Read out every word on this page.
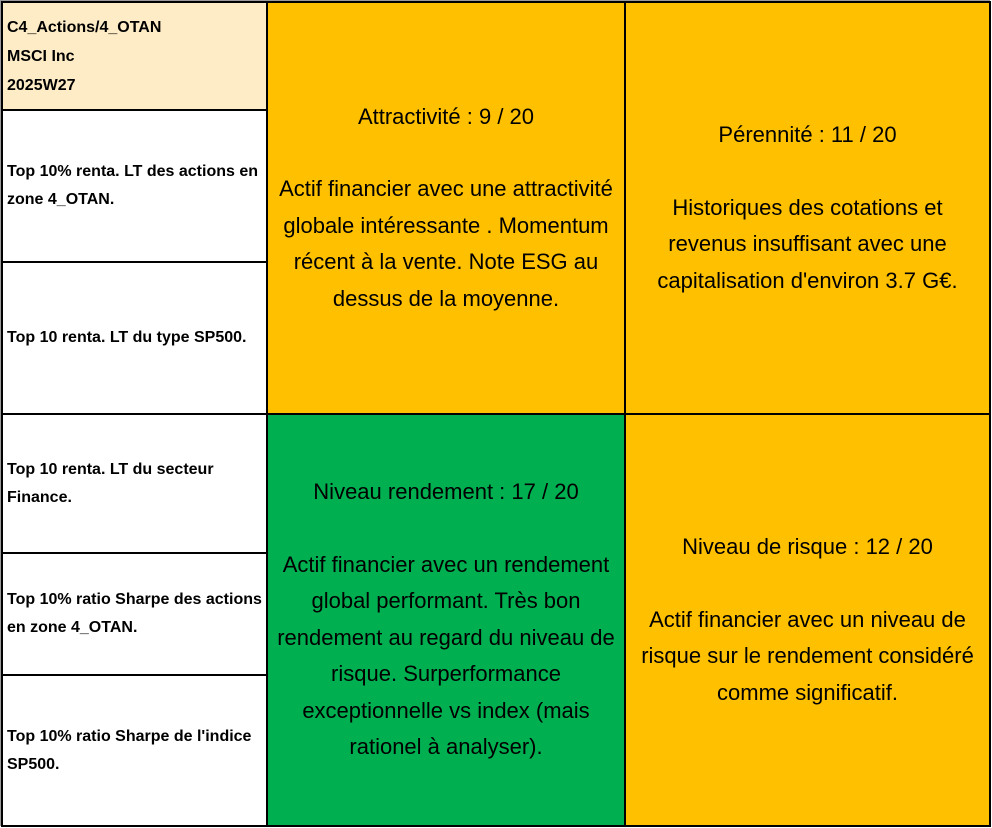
C4_Actions/4_OTAN
MSCI Inc
2025W27
Top 10% renta. LT des actions en zone 4_OTAN.
Top 10 renta. LT du type SP500.
Top 10 renta. LT du secteur Finance.
Top 10% ratio Sharpe des actions en zone 4_OTAN.
Top 10% ratio Sharpe de l'indice SP500.
Attractivité : 9 / 20
Actif financier avec une attractivité globale intéressante . Momentum récent à la vente. Note ESG au dessus de la moyenne.
Pérennité : 11 / 20
Historiques des cotations et revenus insuffisant avec une capitalisation d'environ 3.7 G€.
Niveau rendement : 17 / 20
Actif financier avec un rendement global performant. Très bon rendement au regard du niveau de risque. Surperformance exceptionnelle vs index (mais rationel à analyser).
Niveau de risque : 12 / 20
Actif financier avec un niveau de risque sur le rendement considéré comme significatif.
